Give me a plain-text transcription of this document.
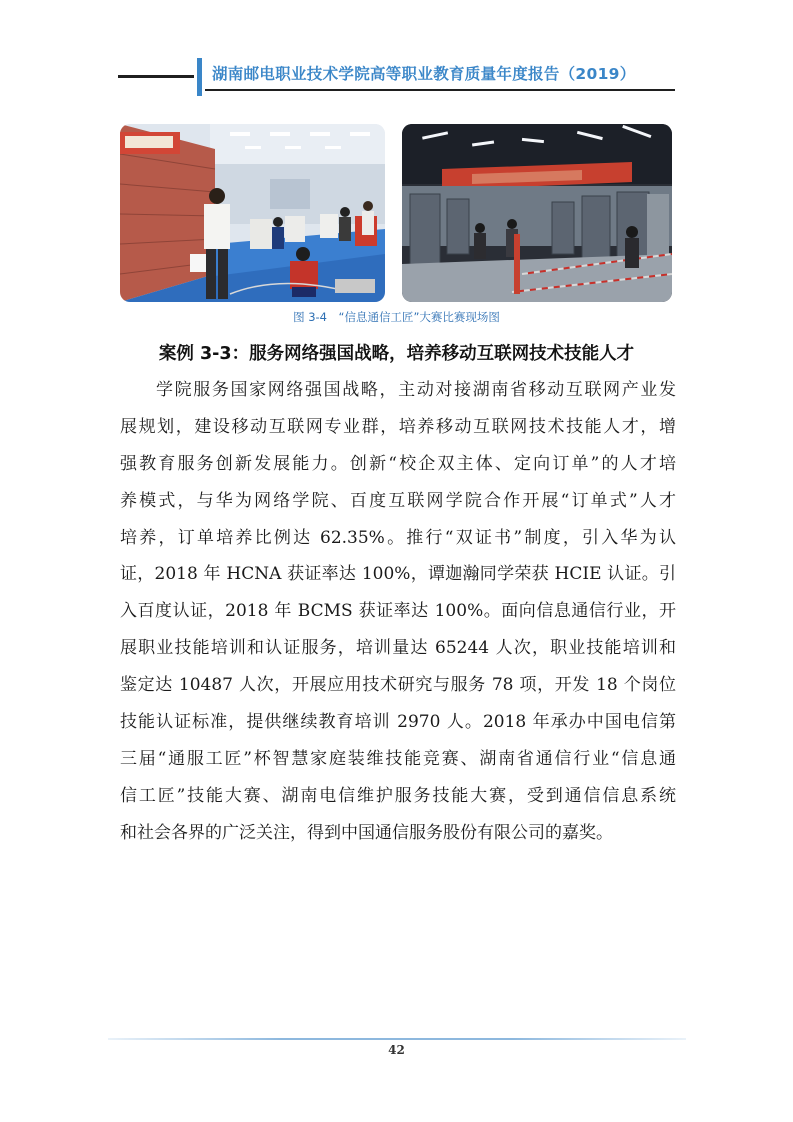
湖南邮电职业技术学院高等职业教育质量年度报告（2019）
图 3-4　“信息通信工匠”大赛比赛现场图
案例 3-3：服务网络强国战略，培养移动互联网技术技能人才
学院服务国家网络强国战略，主动对接湖南省移动互联网产业发
展规划，建设移动互联网专业群，培养移动互联网技术技能人才，增
强教育服务创新发展能力。创新“校企双主体、定向订单”的人才培
养模式，与华为网络学院、百度互联网学院合作开展“订单式”人才
培养，订单培养比例达 62.35%。推行“双证书”制度，引入华为认
证，2018 年 HCNA 获证率达 100%，谭迦瀚同学荣获 HCIE 认证。引
入百度认证，2018 年 BCMS 获证率达 100%。面向信息通信行业，开
展职业技能培训和认证服务，培训量达 65244 人次，职业技能培训和
鉴定达 10487 人次，开展应用技术研究与服务 78 项，开发 18 个岗位
技能认证标准，提供继续教育培训 2970 人。2018 年承办中国电信第
三届“通服工匠”杯智慧家庭装维技能竞赛、湖南省通信行业“信息通
信工匠”技能大赛、湖南电信维护服务技能大赛，受到通信信息系统
和社会各界的广泛关注，得到中国通信服务股份有限公司的嘉奖。
42
